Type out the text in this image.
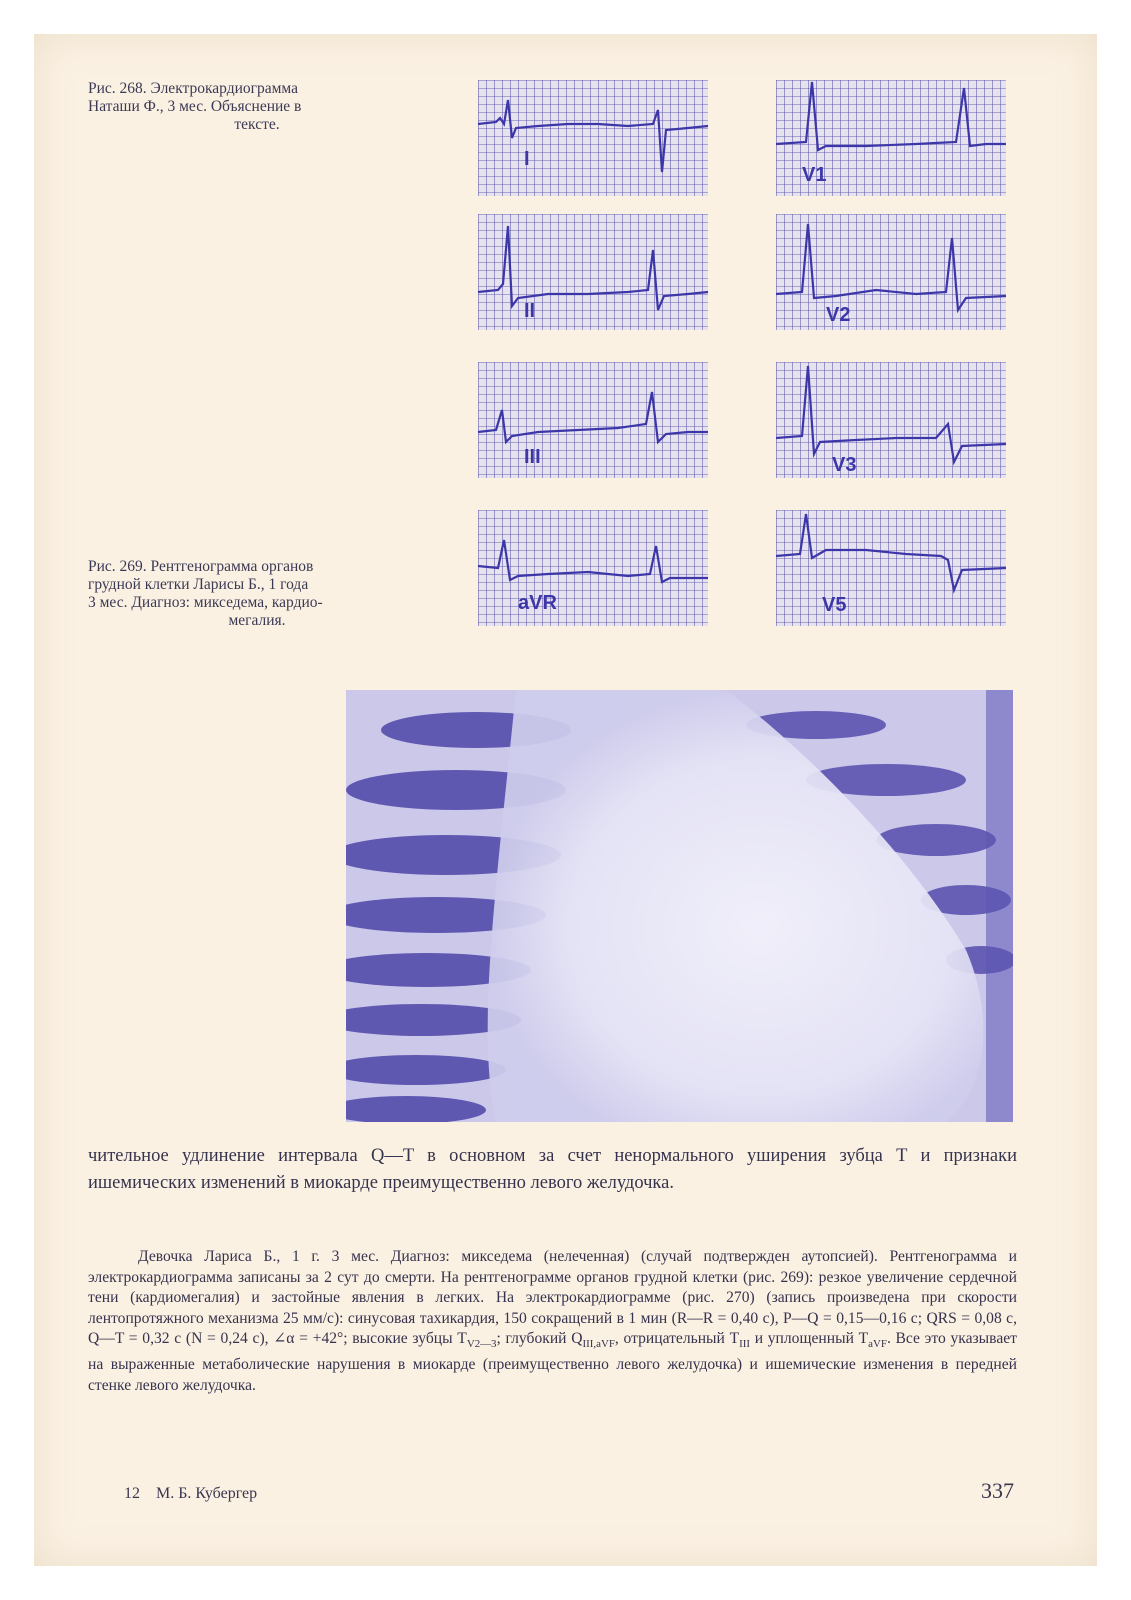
Рис. 268. Электрокардиограмма
Наташи Ф., 3 мес. Объяснение в
тексте.
I
II
III
aVR
V1
V2
V3
V5
Рис. 269. Рентгенограмма органов
грудной клетки Ларисы Б., 1 года
3 мес. Диагноз: микседема, кардио-
мегалия.
чительное удлинение интервала Q—T в основном за счет ненормального уширения зубца T и признаки ишемических изменений в миокарде преимущественно левого желудочка.
Девочка Лариса Б., 1 г. 3 мес. Диагноз: микседема (нелеченная) (случай подтвержден аутопсией). Рентгенограмма и электрокардиограмма записаны за 2 сут до смерти. На рентгенограмме органов грудной клетки (рис. 269): резкое увеличение сердечной тени (кардиомегалия) и застойные явления в легких. На электрокардиограмме (рис. 270) (запись произведена при скорости лентопротяжного механизма 25 мм/с): синусовая тахикардия, 150 сокращений в 1 мин (R—R = 0,40 с), P—Q = 0,15—0,16 с; QRS = 0,08 с, Q—T = 0,32 с (N = 0,24 с), ∠α = +42°; высокие зубцы $T_{V2—3}$; глубокий $Q_{III,aVF}$, отрицательный $T_{III}$ и уплощенный $T_{aVF}$. Все это указывает на выраженные метаболические нарушения в миокарде (преимущественно левого желудочка) и ишемические изменения в передней стенке левого желудочка.
12 М. Б. Кубергер	337
